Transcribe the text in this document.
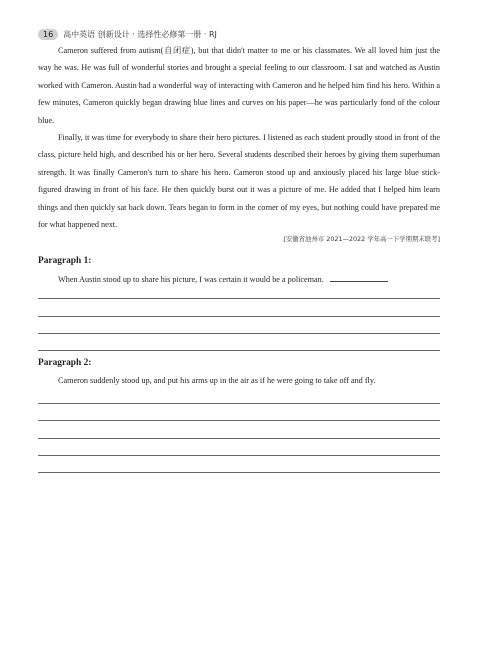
16	高中英语 创新设计 · 选择性必修第一册 · RJ

Cameron suffered from autism(自闭症), but that didn't matter to me or his classmates. We all loved him just the way he was. He was full of wonderful stories and brought a special feeling to our classroom. I sat and watched as Austin worked with Cameron. Austin had a wonderful way of interacting with Cameron and he helped him find his hero. Within a few minutes, Cameron quickly began drawing blue lines and curves on his paper—he was particularly fond of the colour blue.

Finally, it was time for everybody to share their hero pictures. I listened as each student proudly stood in front of the class, picture held high, and described his or her hero. Several students described their heroes by giving them superhuman strength. It was finally Cameron's turn to share his hero. Cameron stood up and anxiously placed his large blue stick-figured drawing in front of his face. He then quickly burst out it was a picture of me. He added that I helped him learn things and then quickly sat back down. Tears began to form in the corner of my eyes, but nothing could have prepared me for what happened next.

[安徽省池州市 2021—2022 学年高一下学期期末联考]
Paragraph 1:
When Austin stood up to share his picture, I was certain it would be a policeman.
Paragraph 2:
Cameron suddenly stood up, and put his arms up in the air as if he were going to take off and fly.
